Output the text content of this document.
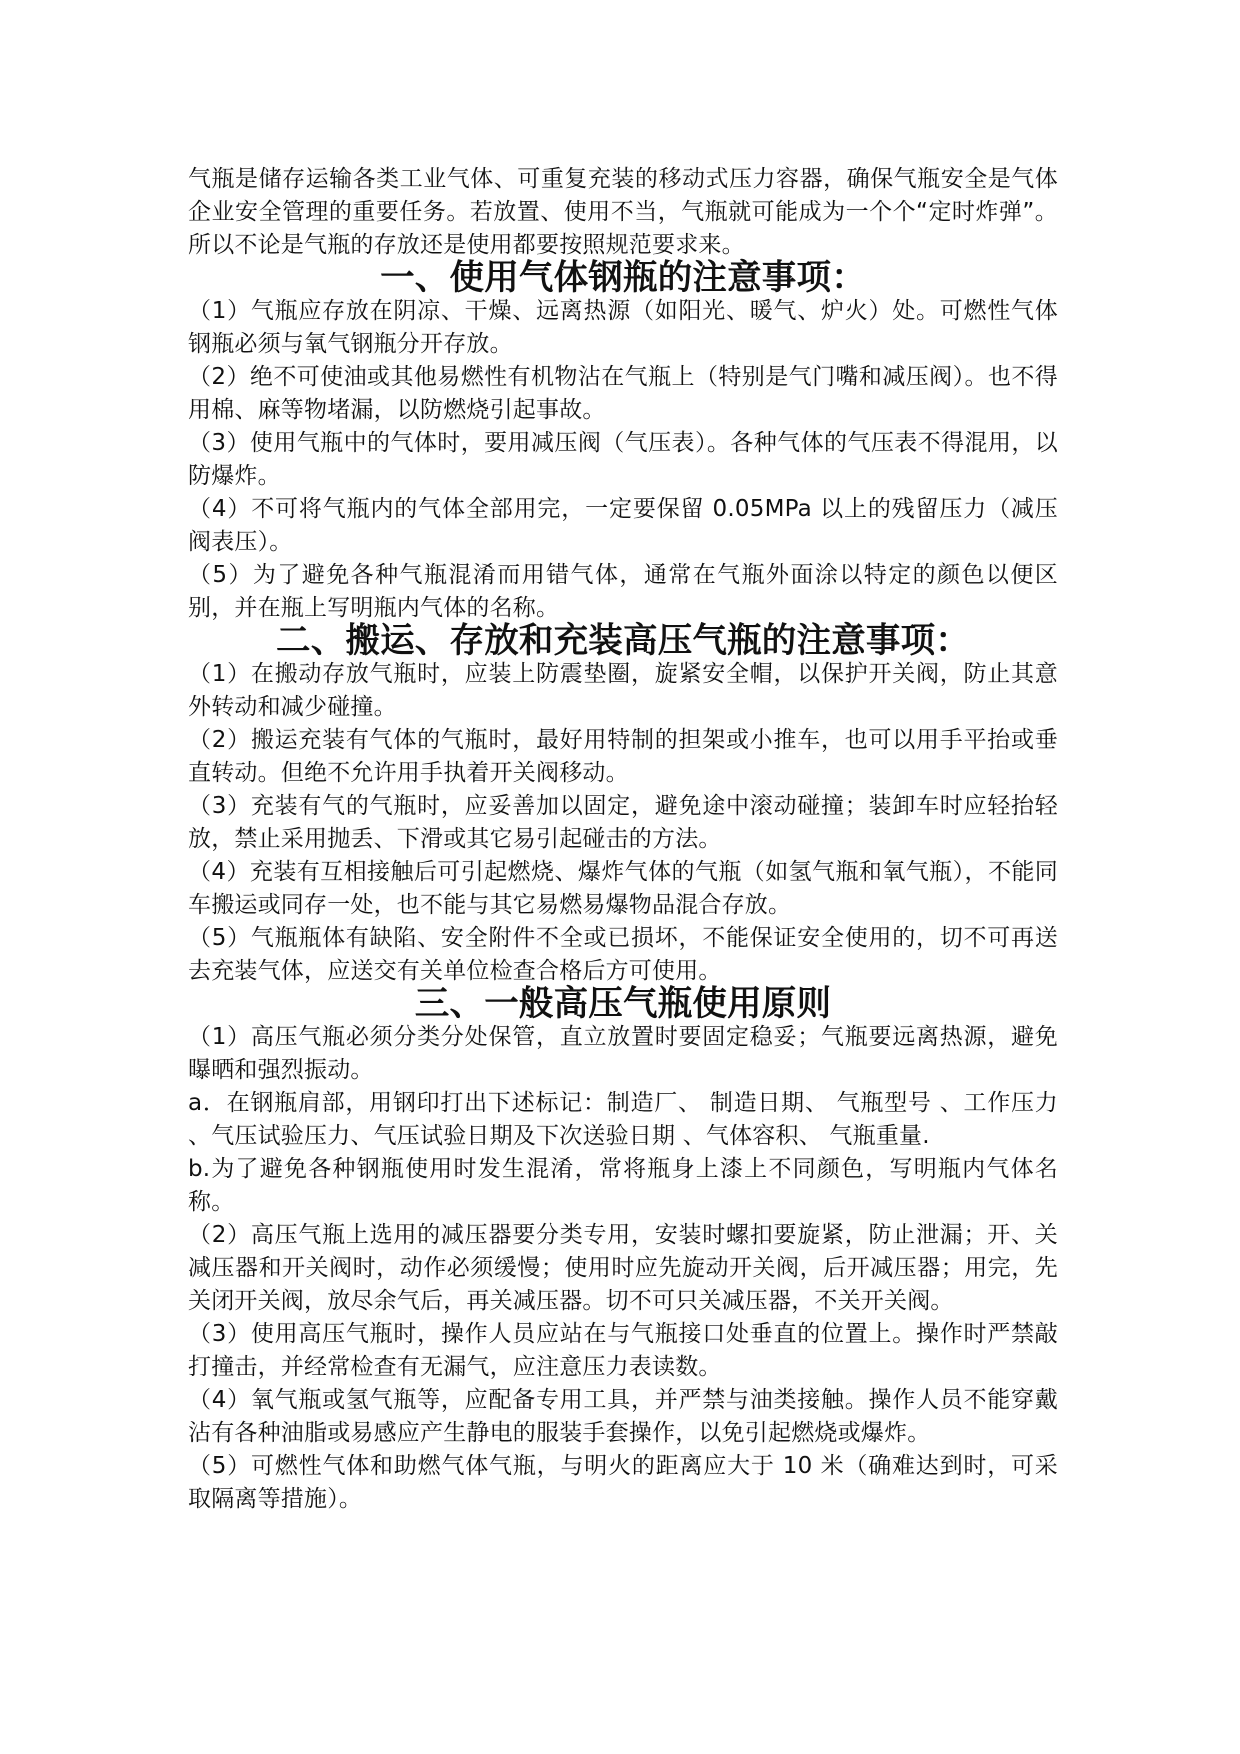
气瓶是储存运输各类工业气体、可重复充装的移动式压力容器，确保气瓶安全是气体企业安全管理的重要任务。若放置、使用不当，气瓶就可能成为一个个“定时炸弹”。所以不论是气瓶的存放还是使用都要按照规范要求来。

一、使用气体钢瓶的注意事项：

（1）气瓶应存放在阴凉、干燥、远离热源（如阳光、暖气、炉火）处。可燃性气体钢瓶必须与氧气钢瓶分开存放。

（2）绝不可使油或其他易燃性有机物沾在气瓶上（特别是气门嘴和减压阀）。也不得用棉、麻等物堵漏，以防燃烧引起事故。

（3）使用气瓶中的气体时，要用减压阀（气压表）。各种气体的气压表不得混用，以防爆炸。

（4）不可将气瓶内的气体全部用完，一定要保留 0.05MPa 以上的残留压力（减压阀表压）。

（5）为了避免各种气瓶混淆而用错气体，通常在气瓶外面涂以特定的颜色以便区别，并在瓶上写明瓶内气体的名称。

二、搬运、存放和充装高压气瓶的注意事项：

（1）在搬动存放气瓶时，应装上防震垫圈，旋紧安全帽，以保护开关阀，防止其意外转动和减少碰撞。

（2）搬运充装有气体的气瓶时，最好用特制的担架或小推车，也可以用手平抬或垂直转动。但绝不允许用手执着开关阀移动。

（3）充装有气的气瓶时，应妥善加以固定，避免途中滚动碰撞；装卸车时应轻抬轻放，禁止采用抛丢、下滑或其它易引起碰击的方法。

（4）充装有互相接触后可引起燃烧、爆炸气体的气瓶（如氢气瓶和氧气瓶），不能同车搬运或同存一处，也不能与其它易燃易爆物品混合存放。

（5）气瓶瓶体有缺陷、安全附件不全或已损坏，不能保证安全使用的，切不可再送去充装气体，应送交有关单位检查合格后方可使用。

三、一般高压气瓶使用原则

（1）高压气瓶必须分类分处保管，直立放置时要固定稳妥；气瓶要远离热源，避免曝晒和强烈振动。

a．在钢瓶肩部，用钢印打出下述标记：制造厂、 制造日期、 气瓶型号 、工作压力 、气压试验压力、气压试验日期及下次送验日期 、气体容积、 气瓶重量.

b.为了避免各种钢瓶使用时发生混淆，常将瓶身上漆上不同颜色，写明瓶内气体名称。

（2）高压气瓶上选用的减压器要分类专用，安装时螺扣要旋紧，防止泄漏；开、关减压器和开关阀时，动作必须缓慢；使用时应先旋动开关阀，后开减压器；用完，先关闭开关阀，放尽余气后，再关减压器。切不可只关减压器，不关开关阀。

（3）使用高压气瓶时，操作人员应站在与气瓶接口处垂直的位置上。操作时严禁敲打撞击，并经常检查有无漏气，应注意压力表读数。

（4）氧气瓶或氢气瓶等，应配备专用工具，并严禁与油类接触。操作人员不能穿戴沾有各种油脂或易感应产生静电的服装手套操作，以免引起燃烧或爆炸。

（5）可燃性气体和助燃气体气瓶，与明火的距离应大于 10 米（确难达到时，可采取隔离等措施）。
